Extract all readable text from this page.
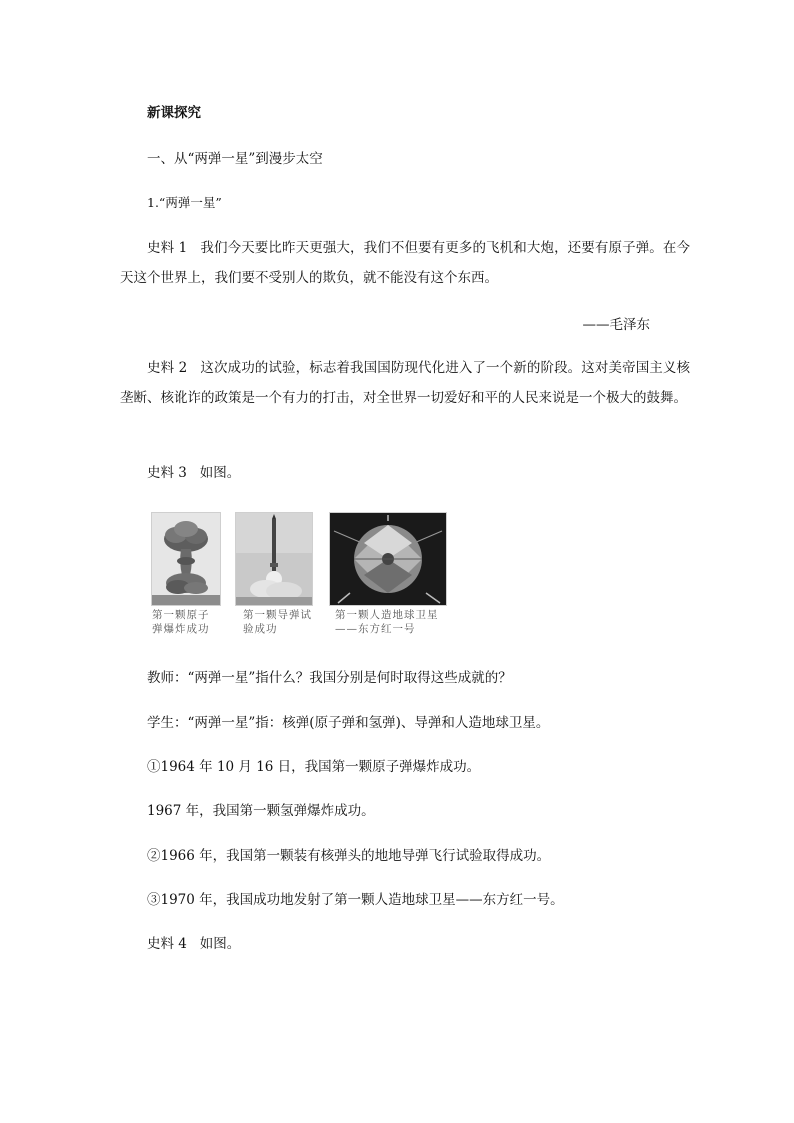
新课探究
一、从“两弹一星”到漫步太空
1.“两弹一星”
史料 1 我们今天要比昨天更强大，我们不但要有更多的飞机和大炮，还要有原子弹。在今天这个世界上，我们要不受别人的欺负，就不能没有这个东西。
——毛泽东
史料 2 这次成功的试验，标志着我国国防现代化进入了一个新的阶段。这对美帝国主义核垄断、核讹诈的政策是一个有力的打击，对全世界一切爱好和平的人民来说是一个极大的鼓舞。
史料 3 如图。
第一颗原子弹爆炸成功
第一颗导弹试验成功
第一颗人造地球卫星——东方红一号
教师：“两弹一星”指什么？我国分别是何时取得这些成就的？
学生：“两弹一星”指：核弹(原子弹和氢弹)、导弹和人造地球卫星。
①1964 年 10 月 16 日，我国第一颗原子弹爆炸成功。
1967 年，我国第一颗氢弹爆炸成功。
②1966 年，我国第一颗装有核弹头的地地导弹飞行试验取得成功。
③1970 年，我国成功地发射了第一颗人造地球卫星——东方红一号。
史料 4 如图。
